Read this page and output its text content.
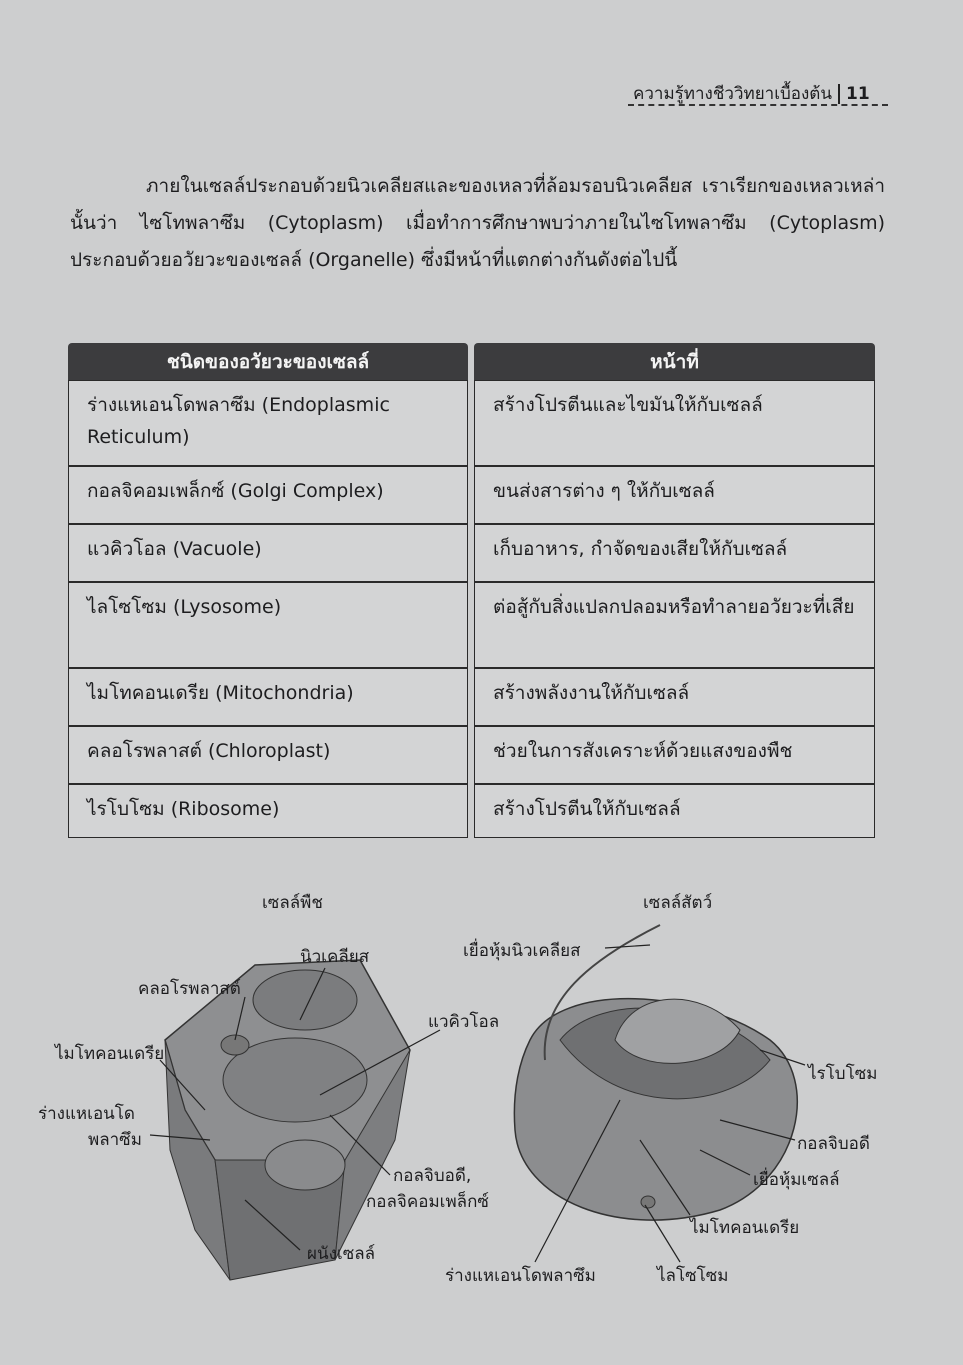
ความรู้ทางชีววิทยาเบื้องต้น 11
ภายในเซลล์ประกอบด้วยนิวเคลียสและของเหลวที่ล้อมรอบนิวเคลียส เราเรียกของเหลวเหล่านั้นว่า ไซโทพลาซึม (Cytoplasm) เมื่อทำการศึกษาพบว่าภายในไซโทพลาซึม (Cytoplasm) ประกอบด้วยอวัยวะของเซลล์ (Organelle) ซึ่งมีหน้าที่แตกต่างกันดังต่อไปนี้
ชนิดของอวัยวะของเซลล์		หน้าที่
ร่างแหเอนโดพลาซึม (Endoplasmic Reticulum)		สร้างโปรตีนและไขมันให้กับเซลล์
กอลจิคอมเพล็กซ์ (Golgi Complex)		ขนส่งสารต่าง ๆ ให้กับเซลล์
แวคิวโอล (Vacuole)		เก็บอาหาร, กำจัดของเสียให้กับเซลล์
ไลโซโซม (Lysosome)		ต่อสู้กับสิ่งแปลกปลอมหรือทำลายอวัยวะที่เสีย
ไมโทคอนเดรีย (Mitochondria)		สร้างพลังงานให้กับเซลล์
คลอโรพลาสต์ (Chloroplast)		ช่วยในการสังเคราะห์ด้วยแสงของพืช
ไรโบโซม (Ribosome)		สร้างโปรตีนให้กับเซลล์
เซลล์พืช
นิวเคลียส
คลอโรพลาสต์
แวคิวโอล
ไมโทคอนเดรีย
ร่างแหเอนโด
พลาซึม
กอลจิบอดี,
กอลจิคอมเพล็กซ์
ผนังเซลล์
เซลล์สัตว์
เยื่อหุ้มนิวเคลียส
ไรโบโซม
กอลจิบอดี
เยื่อหุ้มเซลล์
ไมโทคอนเดรีย
ร่างแหเอนโดพลาซึม	ไลโซโซม
